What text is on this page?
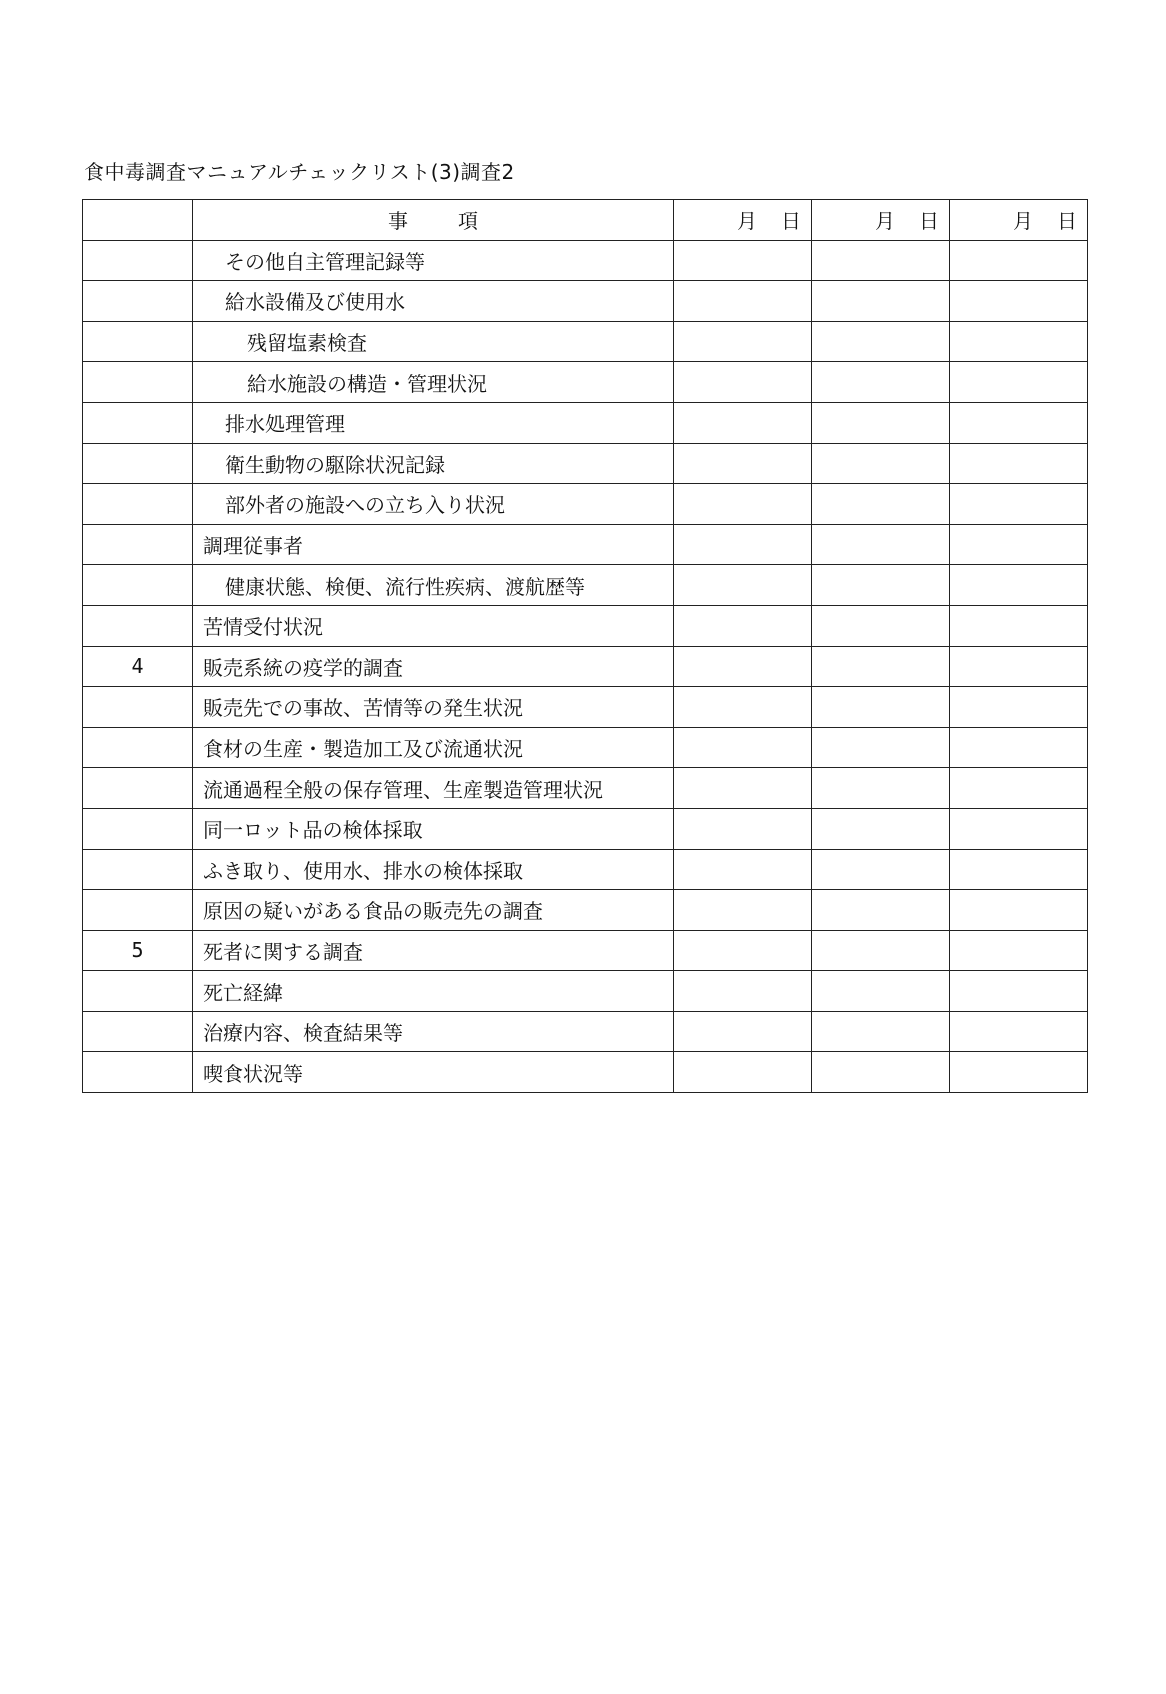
食中毒調査マニュアルチェックリスト(3)調査2
	事 項	月 日	月 日	月 日
	その他自主管理記録等			
	給水設備及び使用水			
	残留塩素検査			
	給水施設の構造・管理状況			
	排水処理管理			
	衛生動物の駆除状況記録			
	部外者の施設への立ち入り状況			
	調理従事者			
	健康状態、検便、流行性疾病、渡航歴等			
	苦情受付状況			
4	販売系統の疫学的調査			
	販売先での事故、苦情等の発生状況			
	食材の生産・製造加工及び流通状況			
	流通過程全般の保存管理、生産製造管理状況			
	同一ロット品の検体採取			
	ふき取り、使用水、排水の検体採取			
	原因の疑いがある食品の販売先の調査			
5	死者に関する調査			
	死亡経緯			
	治療内容、検査結果等			
	喫食状況等			
